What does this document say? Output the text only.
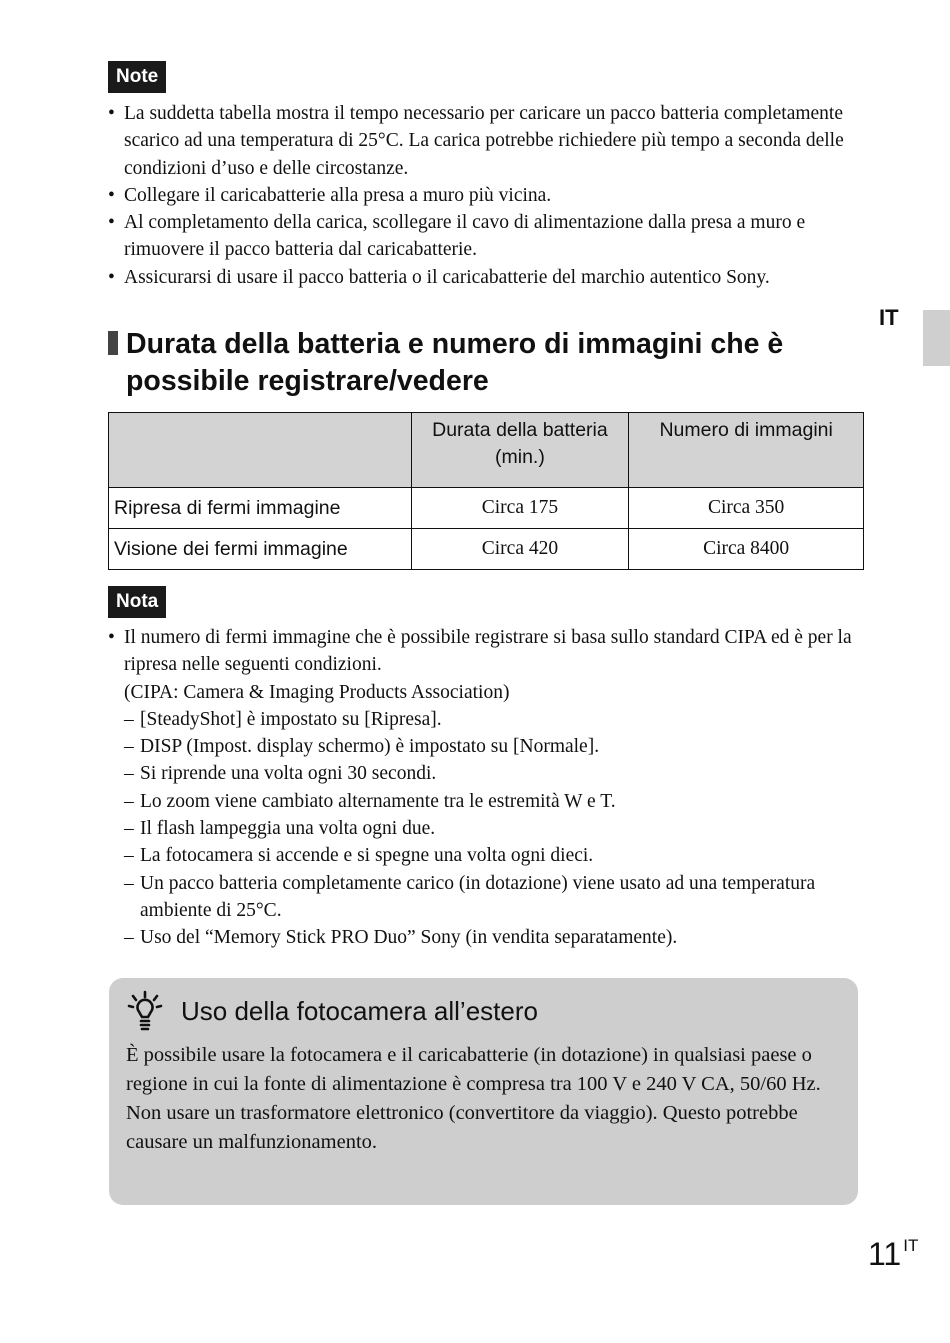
Note
• La suddetta tabella mostra il tempo necessario per caricare un pacco batteria completamente scarico ad una temperatura di 25°C. La carica potrebbe richiedere più tempo a seconda delle condizioni d’uso e delle circostanze.
• Collegare il caricabatterie alla presa a muro più vicina.
• Al completamento della carica, scollegare il cavo di alimentazione dalla presa a muro e rimuovere il pacco batteria dal caricabatterie.
• Assicurarsi di usare il pacco batteria o il caricabatterie del marchio autentico Sony.
IT
Durata della batteria e numero di immagini che è
possibile registrare/vedere
	Durata della batteria (min.)	Numero di immagini
Ripresa di fermi immagine	Circa 175	Circa 350
Visione dei fermi immagine	Circa 420	Circa 8400
Nota
• Il numero di fermi immagine che è possibile registrare si basa sullo standard CIPA ed è per la ripresa nelle seguenti condizioni.
(CIPA: Camera & Imaging Products Association)
– [SteadyShot] è impostato su [Ripresa].
– DISP (Impost. display schermo) è impostato su [Normale].
– Si riprende una volta ogni 30 secondi.
– Lo zoom viene cambiato alternamente tra le estremità W e T.
– Il flash lampeggia una volta ogni due.
– La fotocamera si accende e si spegne una volta ogni dieci.
– Un pacco batteria completamente carico (in dotazione) viene usato ad una temperatura ambiente di 25°C.
– Uso del “Memory Stick PRO Duo” Sony (in vendita separatamente).
Uso della fotocamera all’estero
È possibile usare la fotocamera e il caricabatterie (in dotazione) in qualsiasi paese o regione in cui la fonte di alimentazione è compresa tra 100 V e 240 V CA, 50/60 Hz.
Non usare un trasformatore elettronico (convertitore da viaggio). Questo potrebbe causare un malfunzionamento.
11 $^{IT}$
